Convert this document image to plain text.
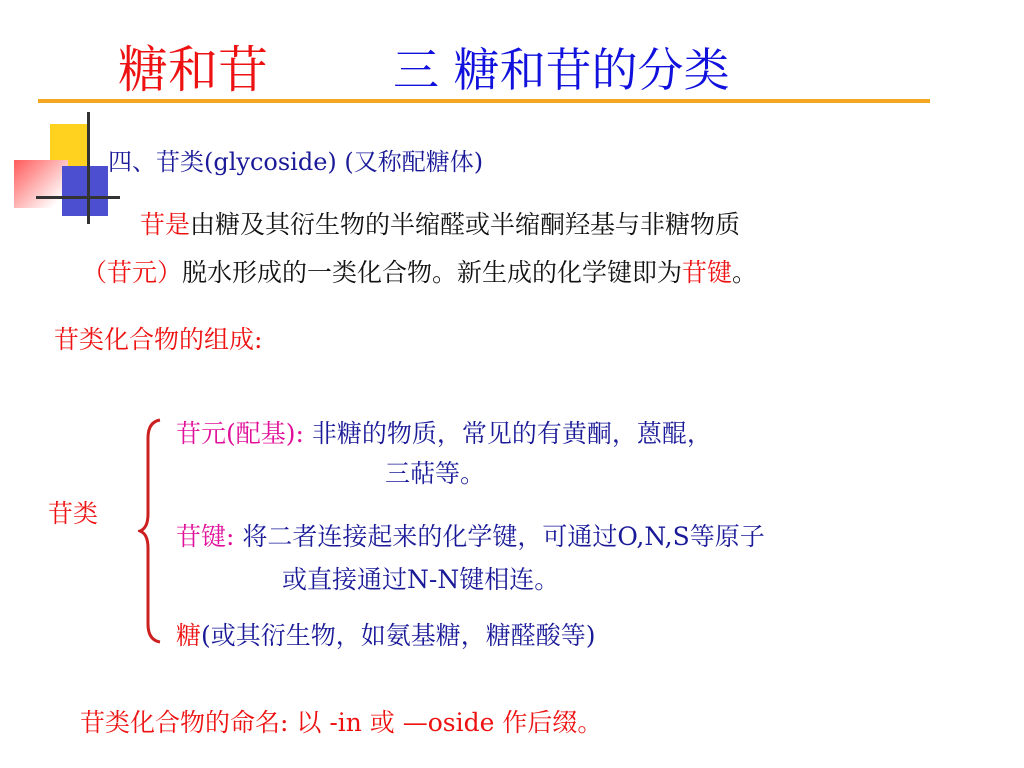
糖和苷	三 糖和苷的分类
四、苷类(glycoside) (又称配糖体)
苷是由糖及其衍生物的半缩醛或半缩酮羟基与非糖物质
（苷元）脱水形成的一类化合物。新生成的化学键即为苷键。
苷类化合物的组成:
苷类
苷元(配基): 非糖的物质，常见的有黄酮，蒽醌，
三萜等。
苷键: 将二者连接起来的化学键，可通过O,N,S等原子
或直接通过N-N键相连。
糖(或其衍生物，如氨基糖，糖醛酸等)
苷类化合物的命名: 以 -in 或 —oside 作后缀。
